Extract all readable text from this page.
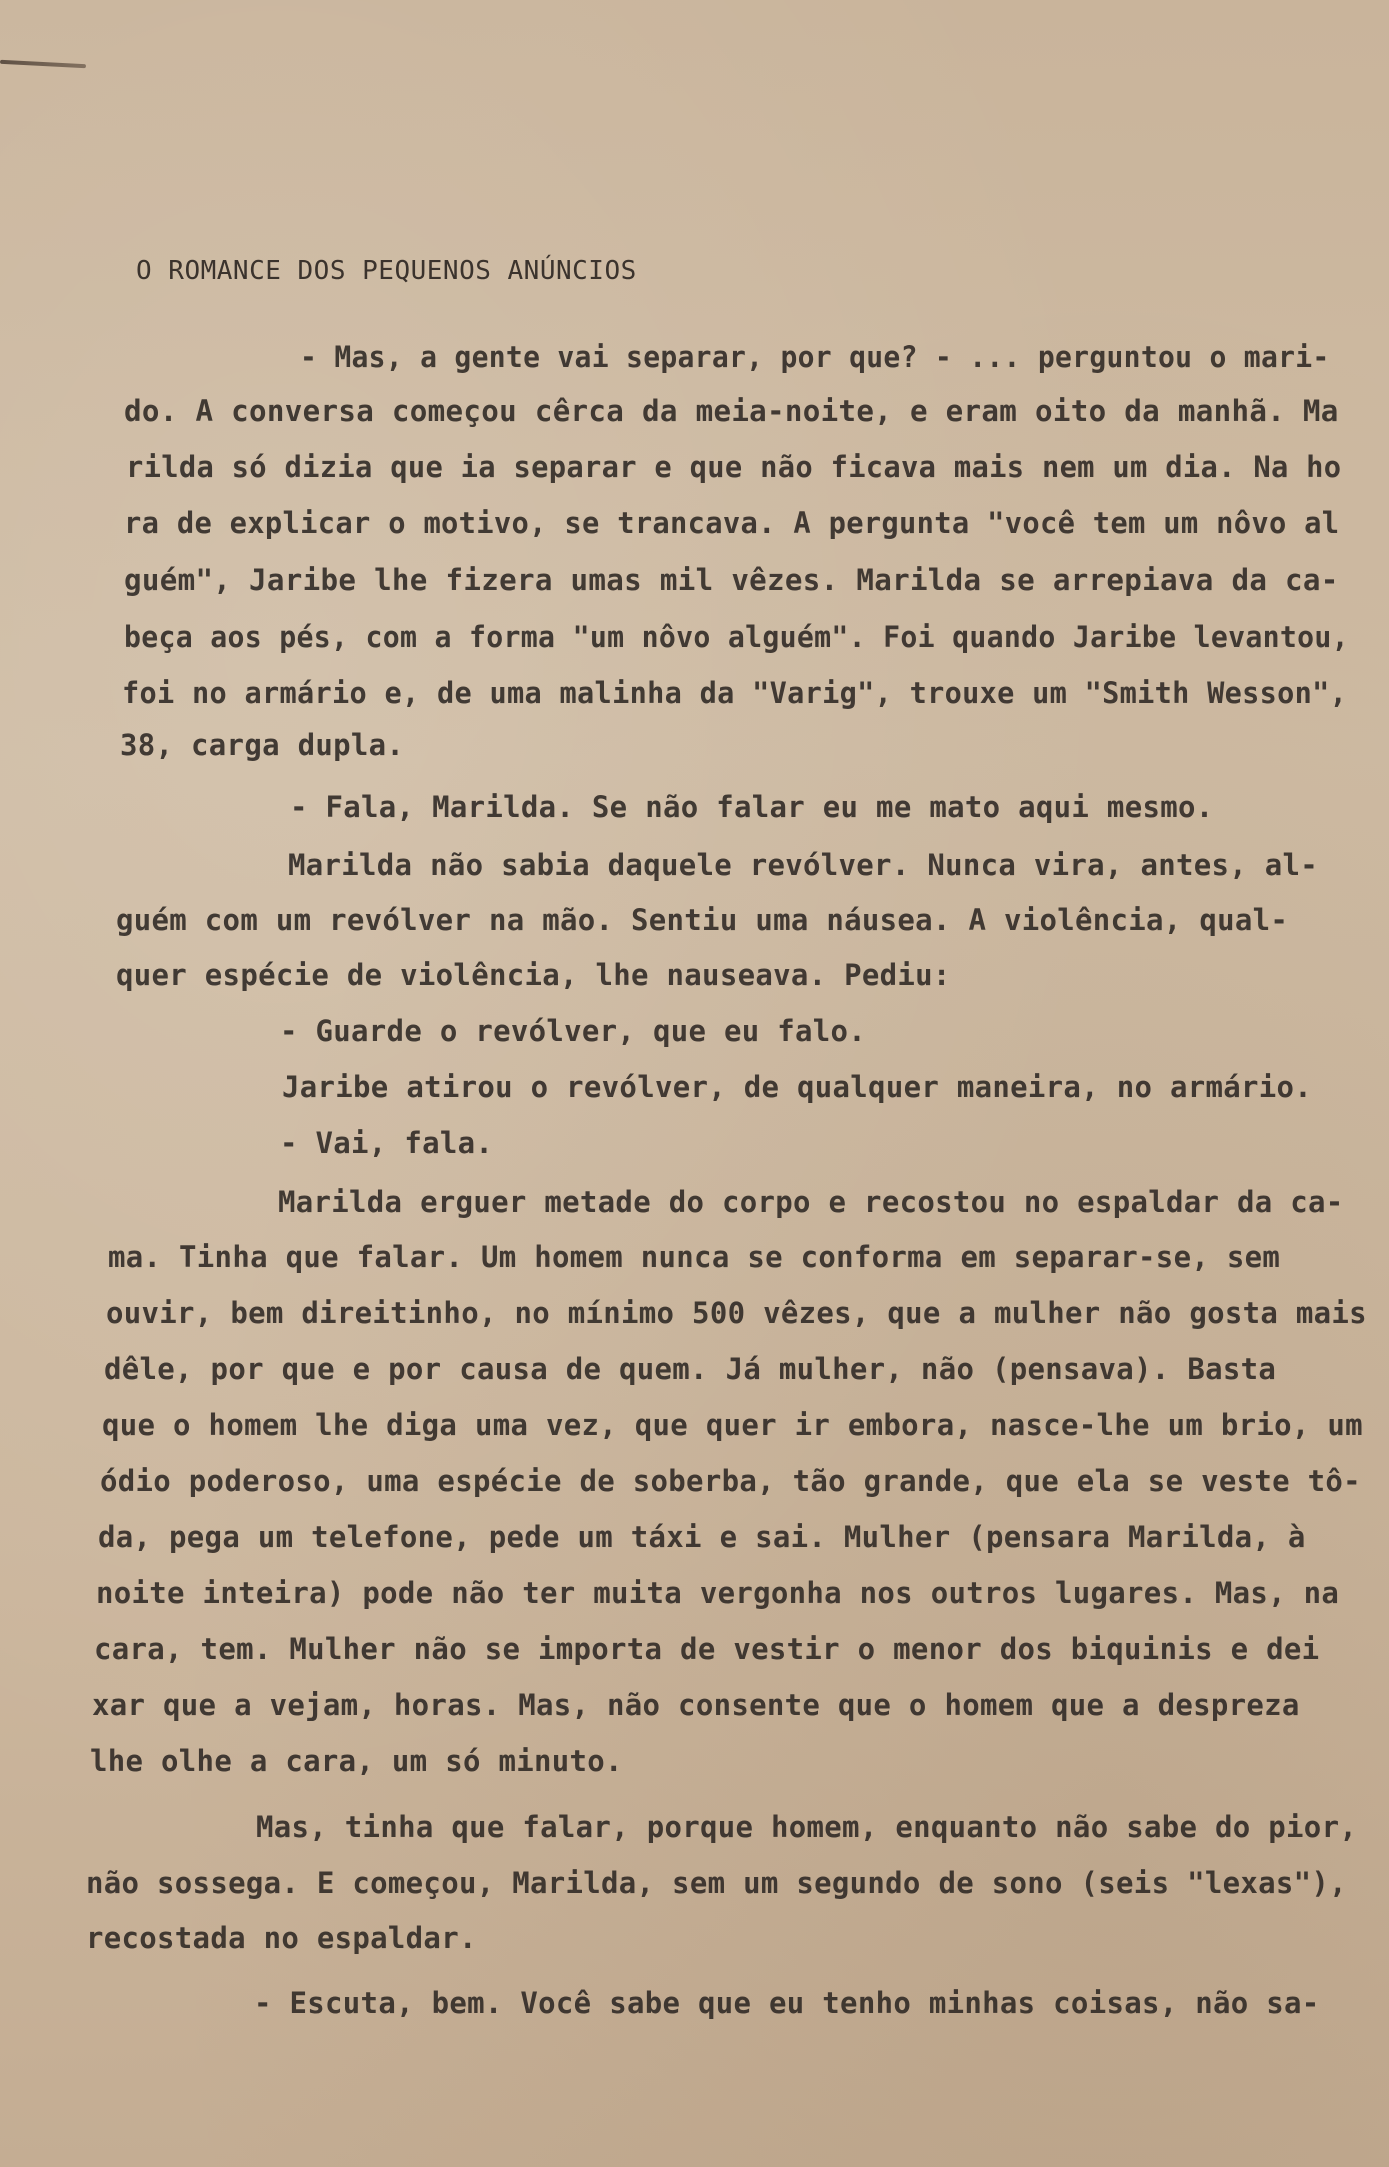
O ROMANCE DOS PEQUENOS ANÚNCIOS
- Mas, a gente vai separar, por que? - ... perguntou o mari-
do. A conversa começou cêrca da meia-noite, e eram oito da manhã. Ma
rilda só dizia que ia separar e que não ficava mais nem um dia. Na ho
ra de explicar o motivo, se trancava. A pergunta "você tem um nôvo al
guém", Jaribe lhe fizera umas mil vêzes. Marilda se arrepiava da ca-
beça aos pés, com a forma "um nôvo alguém". Foi quando Jaribe levantou,
foi no armário e, de uma malinha da "Varig", trouxe um "Smith Wesson",
38, carga dupla.
- Fala, Marilda. Se não falar eu me mato aqui mesmo.
Marilda não sabia daquele revólver. Nunca vira, antes, al-
guém com um revólver na mão. Sentiu uma náusea. A violência, qual-
quer espécie de violência, lhe nauseava. Pediu:
- Guarde o revólver, que eu falo.
Jaribe atirou o revólver, de qualquer maneira, no armário.
- Vai, fala.
Marilda erguer metade do corpo e recostou no espaldar da ca-
ma. Tinha que falar. Um homem nunca se conforma em separar-se, sem
ouvir, bem direitinho, no mínimo 500 vêzes, que a mulher não gosta mais
dêle, por que e por causa de quem. Já mulher, não (pensava). Basta
que o homem lhe diga uma vez, que quer ir embora, nasce-lhe um brio, um
ódio poderoso, uma espécie de soberba, tão grande, que ela se veste tô-
da, pega um telefone, pede um táxi e sai. Mulher (pensara Marilda, à
noite inteira) pode não ter muita vergonha nos outros lugares. Mas, na
cara, tem. Mulher não se importa de vestir o menor dos biquinis e dei
xar que a vejam, horas. Mas, não consente que o homem que a despreza
lhe olhe a cara, um só minuto.
Mas, tinha que falar, porque homem, enquanto não sabe do pior,
não sossega. E começou, Marilda, sem um segundo de sono (seis "lexas"),
recostada no espaldar.
- Escuta, bem. Você sabe que eu tenho minhas coisas, não sa-
